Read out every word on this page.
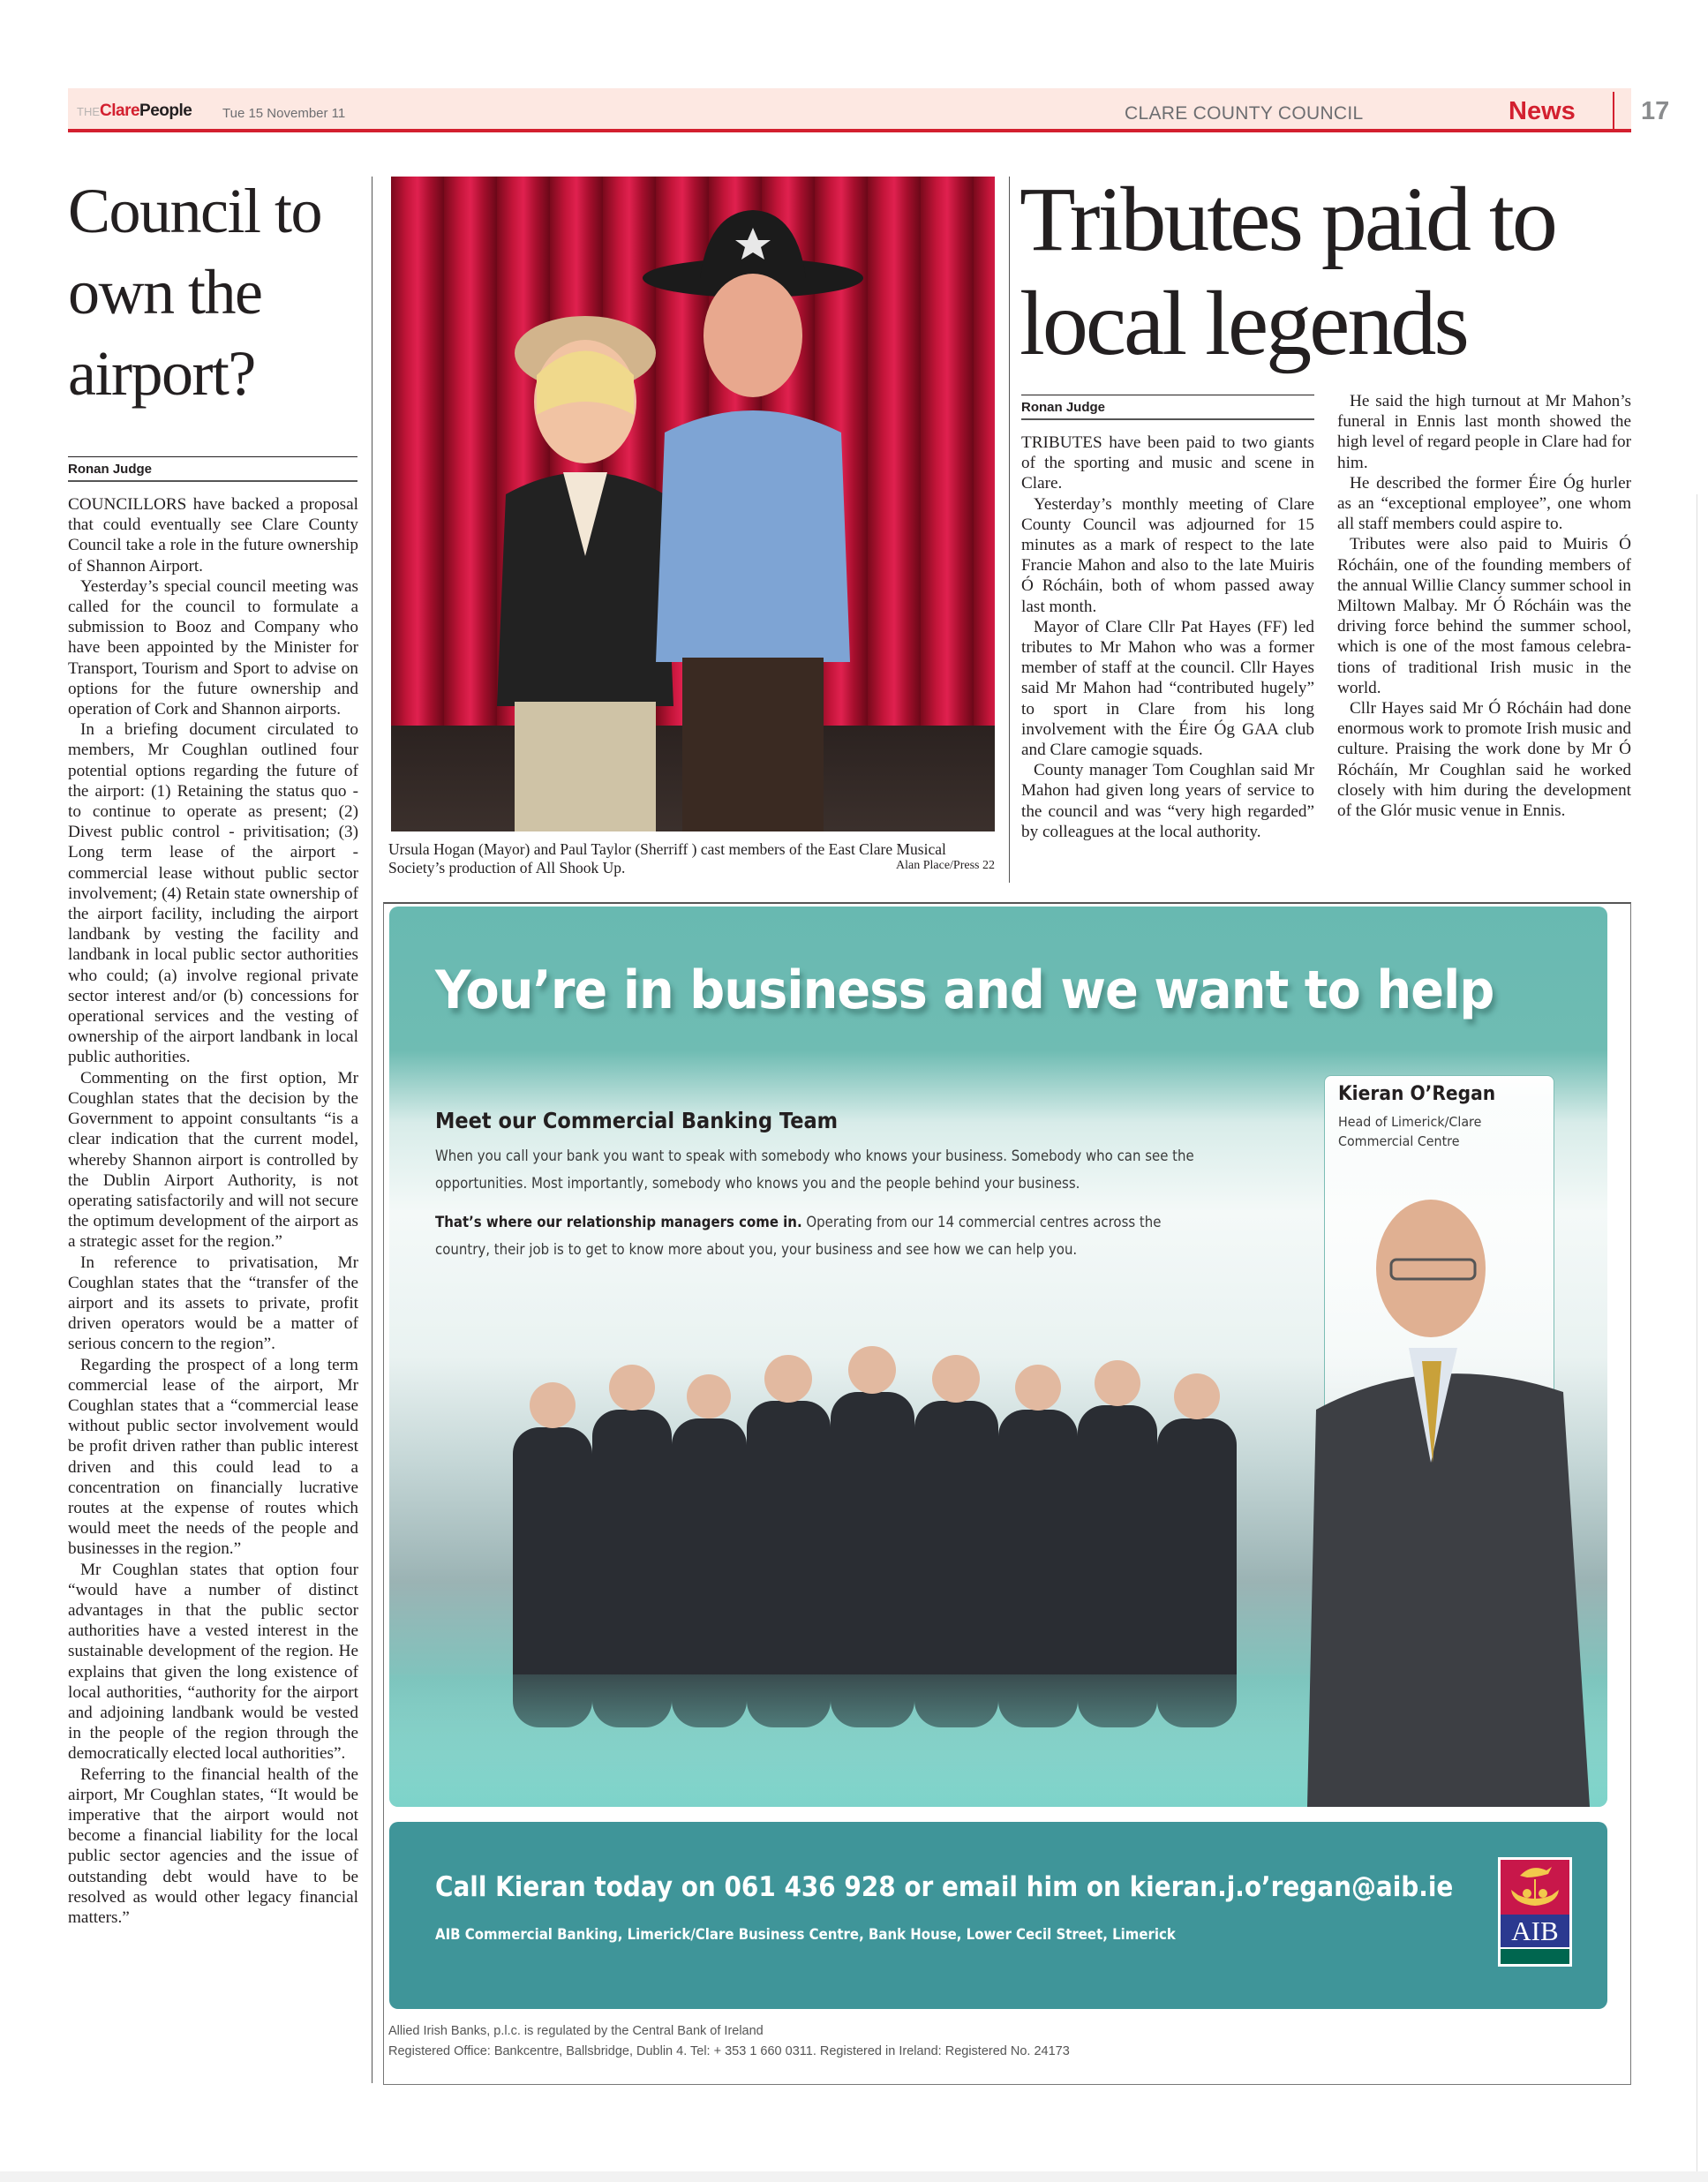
THEClarePeople Tue 15 November 11	CLARE COUNTY COUNCIL	News	17
Council to own the airport?
Ronan Judge

COUNCILLORS have backed a proposal that could eventually see Clare County Council take a role in the future ownership of Shannon Airport.

Yesterday’s special council meeting was called for the council to formulate a submission to Booz and Company who have been appointed by the Minister for Transport, Tourism and Sport to advise on options for the future ownership and operation of Cork and Shannon airports.

In a briefing document circulated to members, Mr Coughlan outlined four potential options regarding the future of the airport: (1) Retaining the status quo - to continue to operate as present; (2) Divest public control - privitisation; (3) Long term lease of the airport - commercial lease without public sector involvement; (4) Retain state ownership of the airport facility, including the airport landbank by vesting the facility and landbank in local public sector authorities who could; (a) involve regional private sector interest and/or (b) concessions for operational services and the vesting of ownership of the airport landbank in local public authorities.

Commenting on the first option, Mr Coughlan states that the decision by the Government to appoint consultants “is a clear indication that the current model, whereby Shannon airport is controlled by the Dublin Airport Authority, is not operating satisfactorily and will not secure the optimum development of the airport as a strategic asset for the region.”

In reference to privatisation, Mr Coughlan states that the “transfer of the airport and its assets to private, profit driven operators would be a matter of serious concern to the region”.

Regarding the prospect of a long term commercial lease of the airport, Mr Coughlan states that a “commercial lease without public sector involvement would be profit driven rather than public interest driven and this could lead to a concentration on financially lucrative routes at the expense of routes which would meet the needs of the people and businesses in the region.”

Mr Coughlan states that option four “would have a number of distinct advantages in that the public sector authorities have a vested interest in the sustainable development of the region. He explains that given the long existence of local authorities, “authority for the airport and adjoining landbank would be vested in the people of the region through the democratically elected local authorities”.

Referring to the financial health of the airport, Mr Coughlan states, “It would be imperative that the airport would not become a financial liability for the local public sector agencies and the issue of outstanding debt would have to be resolved as would other legacy financial matters.”

Ursula Hogan (Mayor) and Paul Taylor (Sherriff ) cast members of the East Clare Musical Society’s production of All Shook Up.	Alan Place/Press 22
Tributes paid to local legends
Ronan Judge

TRIBUTES have been paid to two giants of the sporting and music and scene in Clare.

Yesterday’s monthly meeting of Clare County Council was adjourned for 15 minutes as a mark of respect to the late Francie Mahon and also to the late Muiris Ó Rócháin, both of whom passed away last month.

Mayor of Clare Cllr Pat Hayes (FF) led tributes to Mr Mahon who was a former member of staff at the council. Cllr Hayes said Mr Mahon had “contributed hugely” to sport in Clare from his long involvement with the Éire Óg GAA club and Clare camogie squads.

County manager Tom Coughlan said Mr Mahon had given long years of service to the council and was “very high regarded” by colleagues at the local authority.

He said the high turnout at Mr Mahon’s funeral in Ennis last month showed the high level of regard people in Clare had for him.

He described the former Éire Óg hurler as an “exceptional employee”, one whom all staff members could aspire to.

Tributes were also paid to Muiris Ó Rócháin, one of the founding members of the annual Willie Clancy summer school in Miltown Malbay. Mr Ó Rócháin was the driving force behind the summer school, which is one of the most famous celebrations of traditional Irish music in the world.

Cllr Hayes said Mr Ó Rócháin had done enormous work to promote Irish music and culture. Praising the work done by Mr Ó Rócháín, Mr Coughlan said he worked closely with him during the development of the Glór music venue in Ennis.

You’re in business and we want to help
Meet our Commercial Banking Team
When you call your bank you want to speak with somebody who knows your business. Somebody who can see the opportunities. Most importantly, somebody who knows you and the people behind your business.
That’s where our relationship managers come in. Operating from our 14 commercial centres across the country, their job is to get to know more about you, your business and see how we can help you.
Kieran O’Regan
Head of Limerick/Clare Commercial Centre
Call Kieran today on 061 436 928 or email him on kieran.j.o’regan@aib.ie
AIB Commercial Banking, Limerick/Clare Business Centre, Bank House, Lower Cecil Street, Limerick	AIB
Allied Irish Banks, p.l.c. is regulated by the Central Bank of Ireland
Registered Office: Bankcentre, Ballsbridge, Dublin 4. Tel: + 353 1 660 0311. Registered in Ireland: Registered No. 24173
